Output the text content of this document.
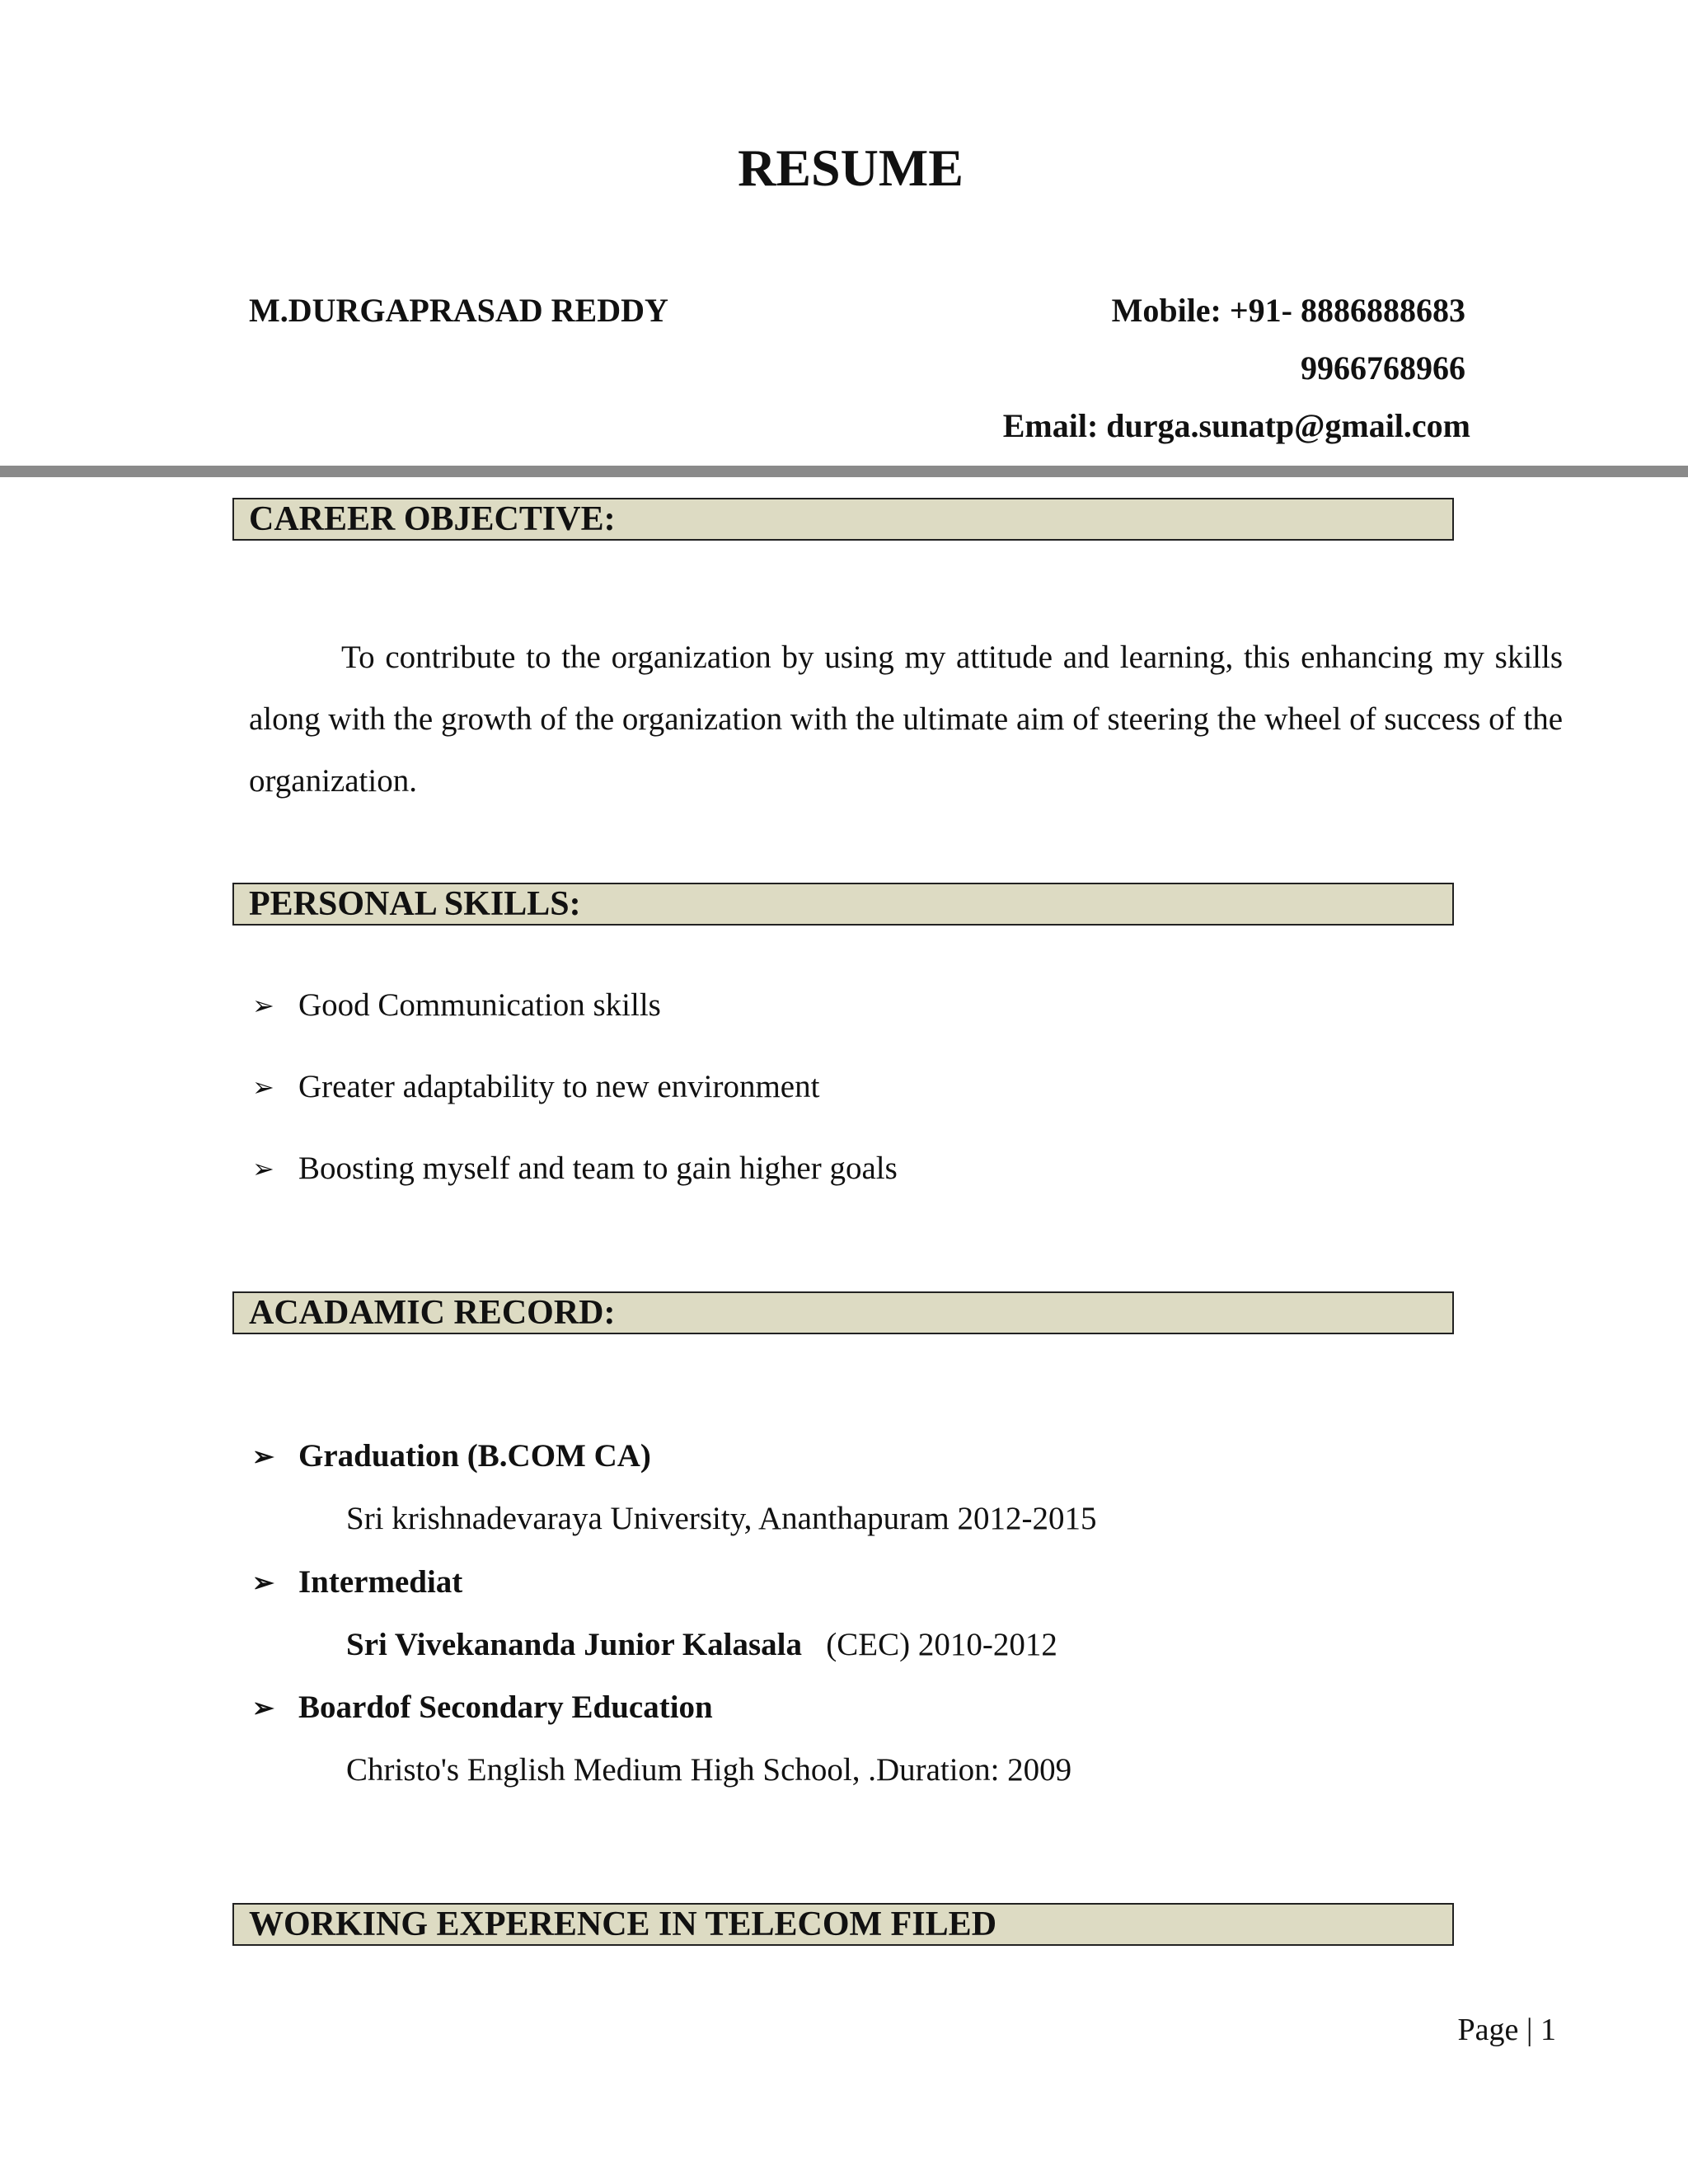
RESUME
M.DURGAPRASAD REDDY	Mobile: +91- 8886888683
9966768966
Email: durga.sunatp@gmail.com
CAREER OBJECTIVE:
To contribute to the organization by using my attitude and learning, this enhancing my skills along with the growth of the organization with the ultimate aim of steering the wheel of success of the organization.
PERSONAL SKILLS:
➢ Good Communication skills
➢ Greater adaptability to new environment
➢ Boosting myself and team to gain higher goals
ACADAMIC RECORD:
➢ Graduation (B.COM CA)
Sri krishnadevaraya University, Ananthapuram 2012-2015
➢ Intermediat
Sri Vivekananda Junior Kalasala (CEC) 2010-2012
➢ Boardof Secondary Education
Christo's English Medium High School, .Duration: 2009
WORKING EXPERENCE IN TELECOM FILED
Page | 1
